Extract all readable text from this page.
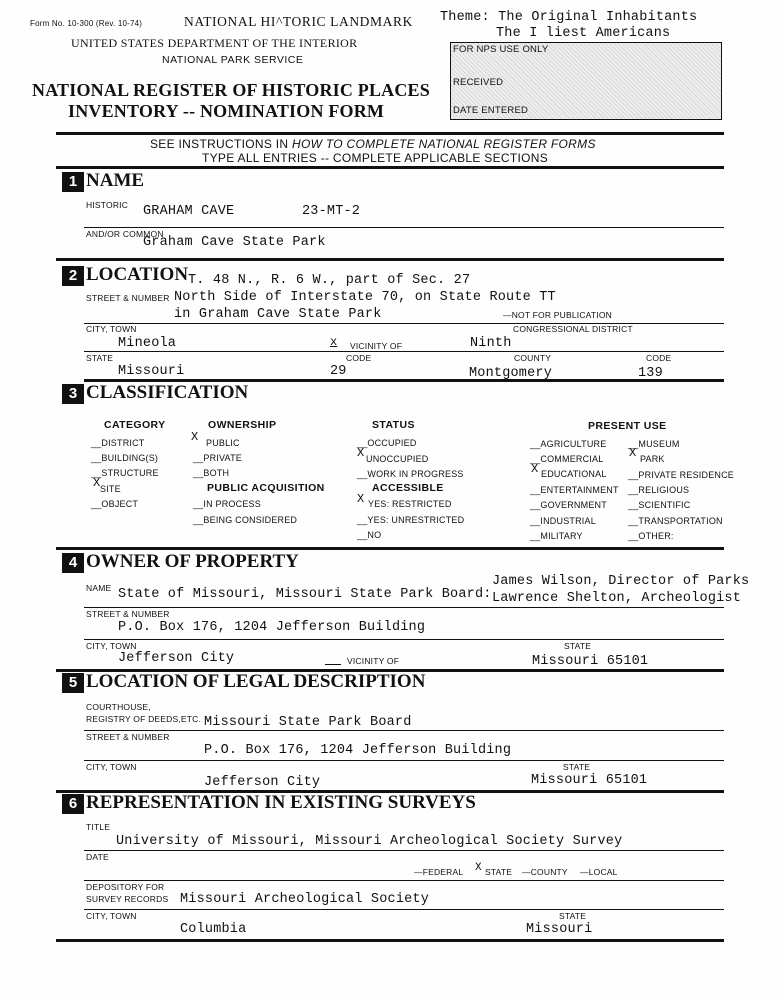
Form No. 10-300 (Rev. 10-74)	NATIONAL HI^TORIC LANDMARK
UNITED STATES DEPARTMENT OF THE INTERIOR
NATIONAL PARK SERVICE
NATIONAL REGISTER OF HISTORIC PLACES
INVENTORY -- NOMINATION FORM
Theme: The Original Inhabitants
The I liest Americans
FOR NPS USE ONLY
RECEIVED
DATE ENTERED
SEE INSTRUCTIONS IN HOW TO COMPLETE NATIONAL REGISTER FORMS
TYPE ALL ENTRIES -- COMPLETE APPLICABLE SECTIONS
1 NAME
HISTORIC GRAHAM CAVE	23-MT-2
AND/OR COMMON
Graham Cave State Park
2 LOCATION T. 48 N., R. 6 W., part of Sec. 27
STREET & NUMBER North Side of Interstate 70, on State Route TT
in Graham Cave State Park	—NOT FOR PUBLICATION
CITY, TOWN	CONGRESSIONAL DISTRICT
Mineola	x VICINITY OF	Ninth
STATE	CODE	COUNTY	CODE
Missouri	29	Montgomery	139
3 CLASSIFICATION
CATEGORY
__DISTRICT
__BUILDING(S)
__STRUCTURE
X SITE
__OBJECT
OWNERSHIP
X PUBLIC
__PRIVATE
__BOTH
PUBLIC ACQUISITION
__IN PROCESS
__BEING CONSIDERED
STATUS
__OCCUPIED
X UNOCCUPIED
__WORK IN PROGRESS
ACCESSIBLE
X YES: RESTRICTED
__YES: UNRESTRICTED
__NO
PRESENT USE
__AGRICULTURE
__COMMERCIAL
X EDUCATIONAL
__ENTERTAINMENT
__GOVERNMENT
__INDUSTRIAL
__MILITARY
__MUSEUM
X PARK
__PRIVATE RESIDENCE
__RELIGIOUS
__SCIENTIFIC
__TRANSPORTATION
__OTHER:
4 OWNER OF PROPERTY
NAME State of Missouri, Missouri State Park Board:
James Wilson, Director of Parks
Lawrence Shelton, Archeologist
STREET & NUMBER
P.O. Box 176, 1204 Jefferson Building
CITY, TOWN	STATE
Jefferson City	VICINITY OF	Missouri 65101
5 LOCATION OF LEGAL DESCRIPTION
COURTHOUSE,
REGISTRY OF DEEDS,ETC. Missouri State Park Board
STREET & NUMBER
P.O. Box 176, 1204 Jefferson Building
CITY, TOWN	STATE
Jefferson City	Missouri 65101
6 REPRESENTATION IN EXISTING SURVEYS
TITLE
University of Missouri, Missouri Archeological Society Survey
DATE
—FEDERAL X STATE —COUNTY —LOCAL
DEPOSITORY FOR
SURVEY RECORDS Missouri Archeological Society
CITY, TOWN	STATE
Columbia	Missouri
